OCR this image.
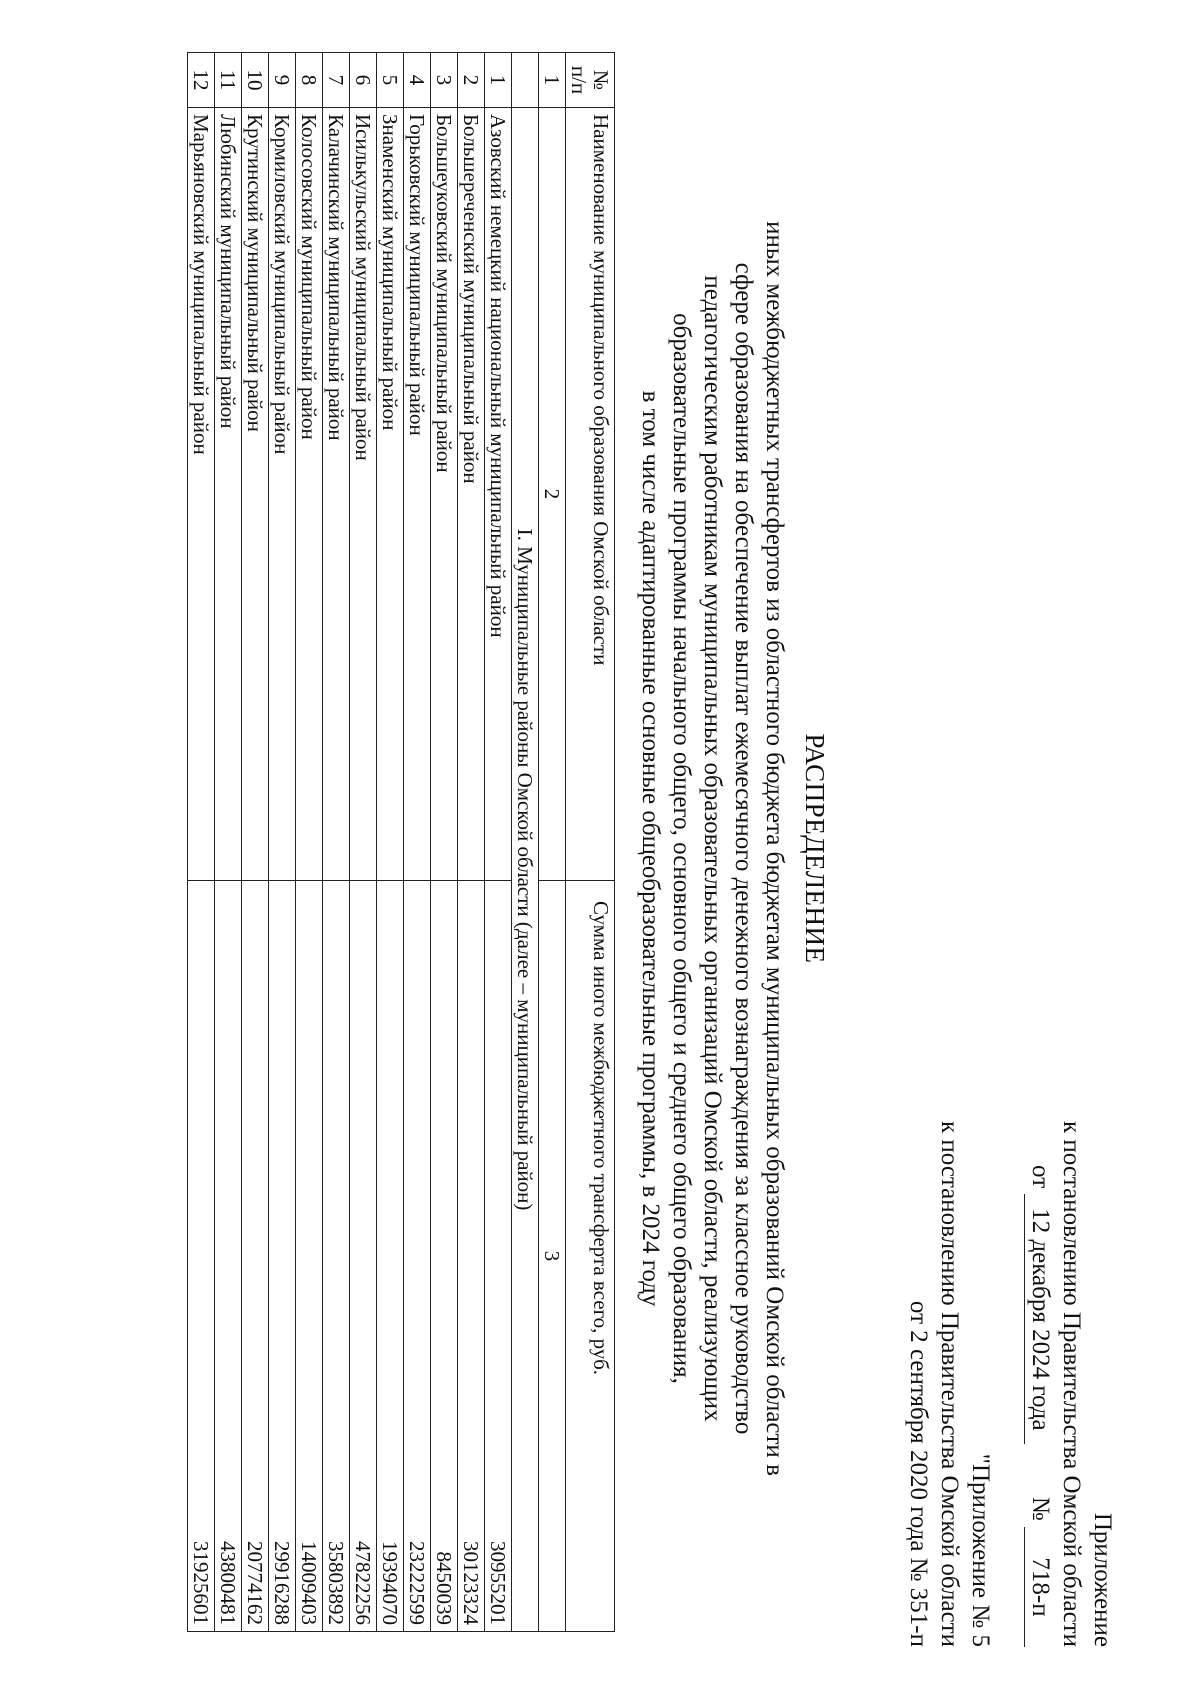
Приложение
к постановлению Правительства Омской области
от 12 декабря 2024 года  № 718-п
"Приложение № 5
к постановлению Правительства Омской области
от 2 сентября 2020 года № 351-п
РАСПРЕДЕЛЕНИЕ
иных межбюджетных трансфертов из областного бюджета бюджетам муниципальных образований Омской области в
сфере образования на обеспечение выплат ежемесячного денежного вознаграждения за классное руководство
педагогическим работникам муниципальных образовательных организаций Омской области, реализующих
образовательные программы начального общего, основного общего и среднего общего образования,
в том числе адаптированные основные общеобразовательные программы, в 2024 году
№ п/п	Наименование муниципального образования Омской области	Сумма иного межбюджетного трансферта всего, руб.
1	2	3
	I. Муниципальные районы Омской области (далее – муниципальный район)	
1	Азовский немецкий национальный муниципальный район	30955201
2	Большереченский муниципальный район	30123324
3	Большеуковский муниципальный район	8450039
4	Горьковский муниципальный район	23222599
5	Знаменский муниципальный район	19394070
6	Исилькульский муниципальный район	47822256
7	Калачинский муниципальный район	35803892
8	Колосовский муниципальный район	14009403
9	Кормиловский муниципальный район	29916288
10	Крутинский муниципальный район	20774162
11	Любинский муниципальный район	43800481
12	Марьяновский муниципальный район	31925601
